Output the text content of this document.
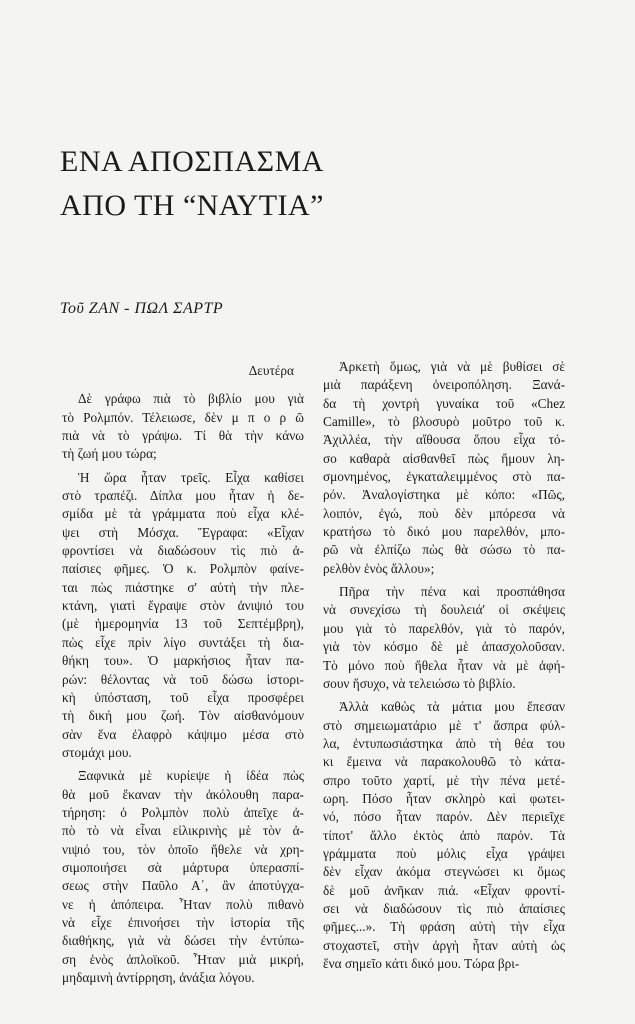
ΕΝΑ ΑΠΟΣΠΑΣΜΑ
ΑΠΟ ΤΗ “ΝΑΥΤΙΑ”
Τοῦ ΖΑΝ - ΠΩΛ ΣΑΡΤΡ
Δευτέρα
Δὲ γράφω πιὰ τὸ βιβλίο μου γιὰ
τὸ Ρολμπόν. Τέλειωσε, δὲν μ π ο ρ ῶ
πιὰ νὰ τὸ γράψω. Τί θὰ τὴν κάνω
τὴ ζωή μου τώρα;
Ἡ ὥρα ἦταν τρεῖς. Εἶχα καθίσει
στὸ τραπέζι. Δίπλα μου ἦταν ἡ δε-
σμίδα μὲ τὰ γράμματα ποὺ εἶχα κλέ-
ψει στὴ Μόσχα. Ἔγραφα: «Εἶχαν
φροντίσει νὰ διαδώσουν τὶς πιὸ ἀ-
παίσιες φῆμες. Ὁ κ. Ρολμπὸν φαίνε-
ται πὼς πιάστηκε σ' αὐτὴ τὴν πλε-
κτάνη, γιατὶ ἔγραψε στὸν ἀνιψιό του
(μὲ ἡμερομηνία 13 τοῦ Σεπτέμβρη),
πὼς εἶχε πρὶν λίγο συντάξει τὴ δια-
θήκη του». Ὁ μαρκήσιος ἦταν πα-
ρών: θέλοντας νὰ τοῦ δώσω ἱστορι-
κὴ ὑπόσταση, τοῦ εἶχα προσφέρει
τὴ δική μου ζωή. Τὸν αἰσθανόμουν
σὰν ἕνα ἐλαφρὸ κάψιμο μέσα στὸ
στομάχι μου.
Ξαφνικὰ μὲ κυρίεψε ἡ ἰδέα πὼς
θὰ μοῦ ἔκαναν τὴν ἀκόλουθη παρα-
τήρηση: ὁ Ρολμπὸν πολὺ ἀπεῖχε ἀ-
πὸ τὸ νὰ εἶναι εἰλικρινὴς μὲ τὸν ἀ-
νιψιό του, τὸν ὁποῖο ἤθελε νὰ χρη-
σιμοποιήσει σὰ μάρτυρα ὑπερασπί-
σεως στὴν Παῦλο Α΄, ἂν ἀποτύγχα-
νε ἡ ἀπόπειρα. Ἦταν πολὺ πιθανὸ
νὰ εἶχε ἐπινοήσει τὴν ἱστορία τῆς
διαθήκης, γιὰ νὰ δώσει τὴν ἐντύπω-
ση ἑνὸς ἀπλοϊκοῦ. Ἦταν μιὰ μικρή,
μηδαμινὴ ἀντίρρηση, ἀνάξια λόγου.
Ἀρκετὴ ὅμως, γιὰ νὰ μὲ βυθίσει σὲ
μιὰ παράξενη ὀνειροπόληση. Ξανά-
δα τὴ χοντρὴ γυναίκα τοῦ «Chez
Camille», τὸ βλοσυρὸ μοῦτρο τοῦ κ.
Ἀχιλλέα, τὴν αἴθουσα ὅπου εἶχα τό-
σο καθαρὰ αἰσθανθεῖ πὼς ἤμουν λη-
σμονημένος, ἐγκαταλειμμένος στὸ πα-
ρόν. Ἀναλογίστηκα μὲ κόπο: «Πῶς,
λοιπόν, ἐγώ, ποὺ δὲν μπόρεσα νὰ
κρατήσω τὸ δικό μου παρελθόν, μπο-
ρῶ νὰ ἐλπίζω πὼς θὰ σώσω τὸ πα-
ρελθὸν ἑνὸς ἄλλου»;
Πῆρα τὴν πένα καὶ προσπάθησα
νὰ συνεχίσω τὴ δουλειά' οἱ σκέψεις
μου γιὰ τὸ παρελθόν, γιὰ τὸ παρόν,
γιὰ τὸν κόσμο δὲ μὲ ἀπασχολοῦσαν.
Τὸ μόνο ποὺ ἤθελα ἦταν νὰ μὲ ἀφή-
σουν ἥσυχο, νὰ τελειώσω τὸ βιβλίο.
Ἀλλὰ καθὼς τὰ μάτια μου ἔπεσαν
στὸ σημειωματάριο μὲ τ' ἄσπρα φύλ-
λα, ἐντυπωσιάστηκα ἀπὸ τὴ θέα του
κι ἔμεινα νὰ παρακολουθῶ τὸ κάτα-
σπρο τοῦτο χαρτί, μὲ τὴν πένα μετέ-
ωρη. Πόσο ἦταν σκληρὸ καὶ φωτει-
νό, πόσο ἦταν παρόν. Δὲν περιεῖχε
τίποτ' ἄλλο ἐκτὸς ἀπὸ παρόν. Τὰ
γράμματα ποὺ μόλις εἶχα γράψει
δὲν εἶχαν ἀκόμα στεγνώσει κι ὅμως
δὲ μοῦ ἀνῆκαν πιά. «Εἶχαν φροντί-
σει νὰ διαδώσουν τὶς πιὸ ἀπαίσιες
φῆμες...». Τὴ φράση αὐτὴ τὴν εἶχα
στοχαστεῖ, στὴν ἀργὴ ἦταν αὐτὴ ὡς
ἕνα σημεῖο κάτι δικό μου. Τώρα βρι-
